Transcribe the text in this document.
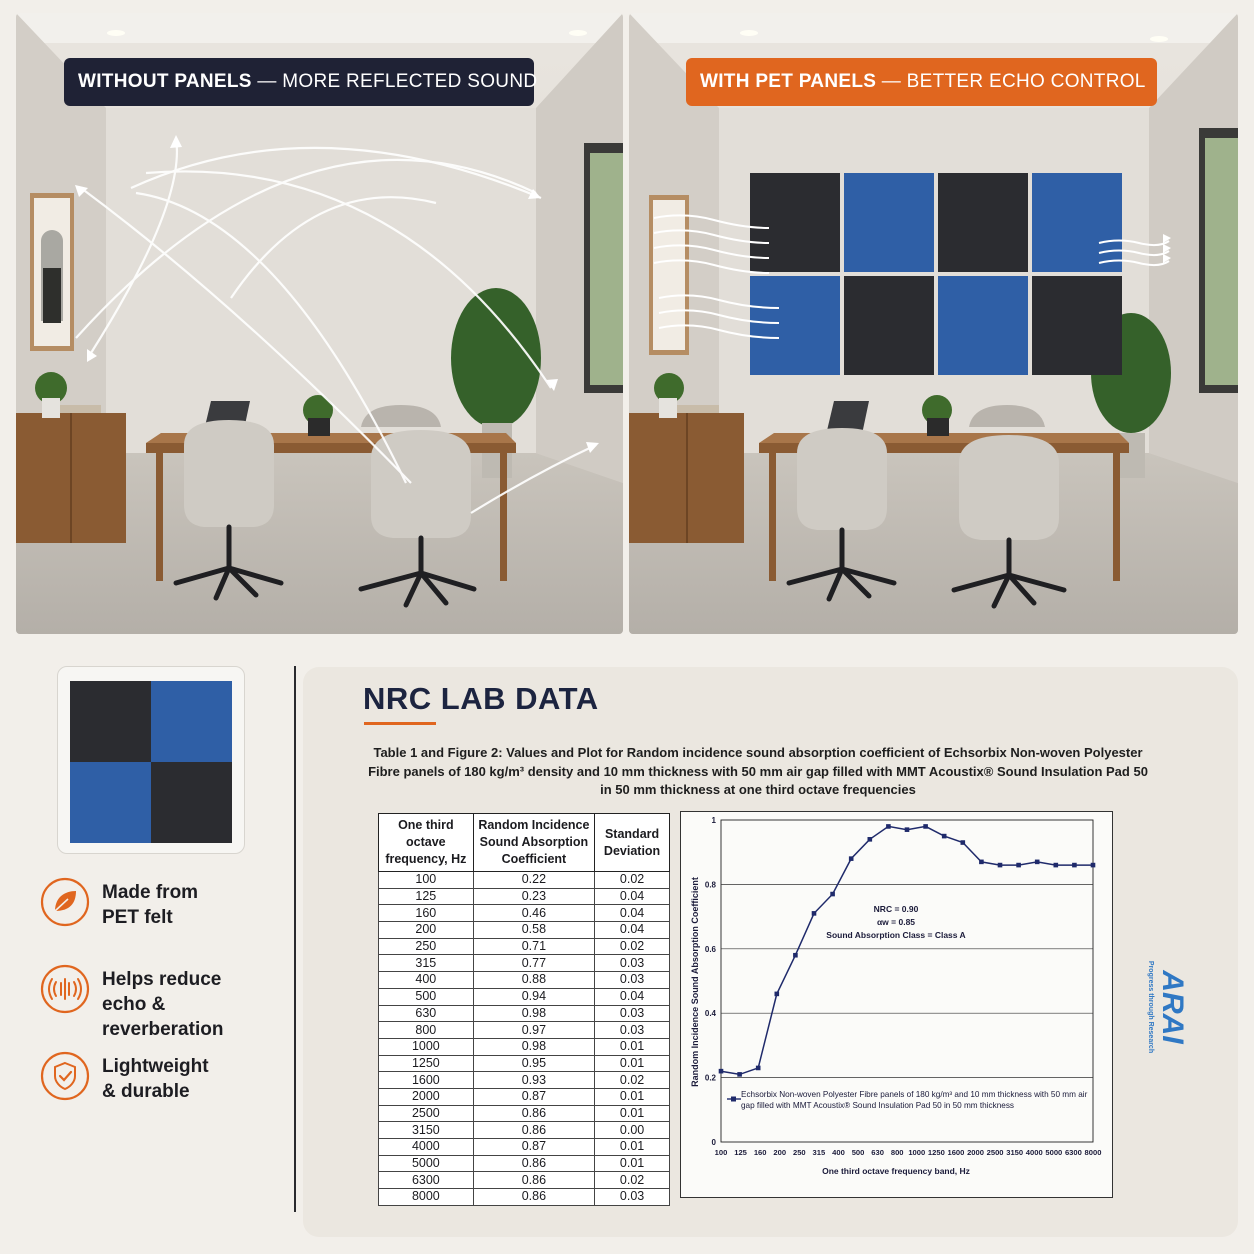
WITHOUT PANELS — MORE REFLECTED SOUND	WITH PET PANELS — BETTER ECHO CONTROL
Made from
PET felt
Helps reduce
echo & reverberation
Lightweight
& durable
NRC LAB DATA
Table 1 and Figure 2: Values and Plot for Random incidence sound absorption coefficient of Echsorbix Non-woven Polyester Fibre panels of 180 kg/m³ density and 10 mm thickness with 50 mm air gap filled with MMT Acoustix® Sound Insulation Pad 50 in 50 mm thickness at one third octave frequencies
One third octave frequency, Hz	Random Incidence Sound Absorption Coefficient	Standard Deviation
100	0.22	0.02
125	0.23	0.04
160	0.46	0.04
200	0.58	0.04
250	0.71	0.02
315	0.77	0.03
400	0.88	0.03
500	0.94	0.04
630	0.98	0.03
800	0.97	0.03
1000	0.98	0.01
1250	0.95	0.01
1600	0.93	0.02
2000	0.87	0.01
2500	0.86	0.01
3150	0.86	0.00
4000	0.87	0.01
5000	0.86	0.01
6300	0.86	0.02
8000	0.86	0.03
0
0.2
0.4
0.6
0.8
1
100 125 160 200 250 315 400 500 630 800 1000 1250 1600 2000 2500 3150 4000 5000 6300 8000
Random Incidence Sound Absorption Coefficient
One third octave frequency band, Hz
NRC = 0.90
αw = 0.85
Sound Absorption Class = Class A
Echsorbix Non-woven Polyester Fibre panels of 180 kg/m³ and 10 mm thickness with 50 mm air gap filled with MMT Acoustix® Sound Insulation Pad 50 in 50 mm thickness
ARAI
Progress through Research
